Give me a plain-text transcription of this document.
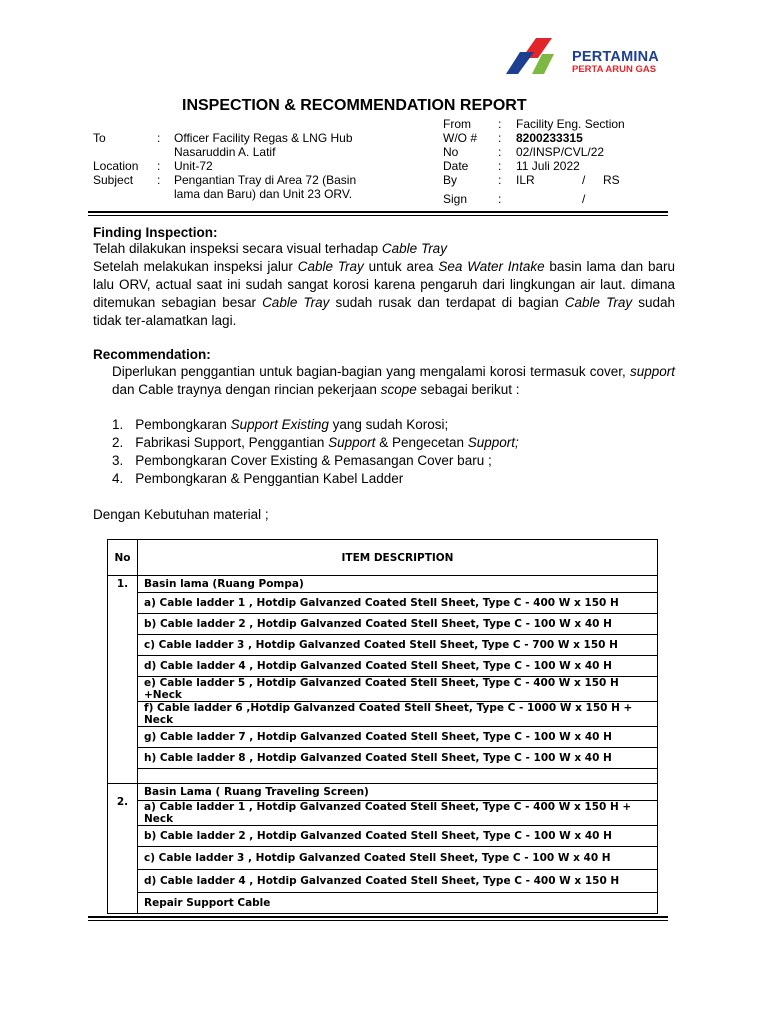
PERTAMINA
PERTA ARUN GAS
INSPECTION & RECOMMENDATION REPORT
To	: Officer Facility Regas & LNG Hub
Nasaruddin A. Latif
Location : Unit-72
Subject : Pengantian Tray di Area 72 (Basin
lama dan Baru) dan Unit 23 ORV.
From : Facility Eng. Section
W/O # : 8200233315
No	: 02/INSP/CVL/22
Date : 11 Juli 2022
By	: ILR	/ RS
Sign	:	/
Finding Inspection:
Telah dilakukan inspeksi secara visual terhadap Cable Tray
Setelah melakukan inspeksi jalur Cable Tray untuk area Sea Water Intake basin lama dan baru lalu ORV, actual saat ini sudah sangat korosi karena pengaruh dari lingkungan air laut. dimana ditemukan sebagian besar Cable Tray sudah rusak dan terdapat di bagian Cable Tray sudah tidak ter-alamatkan lagi.
Recommendation:
Diperlukan penggantian untuk bagian-bagian yang mengalami korosi termasuk cover, support dan Cable traynya dengan rincian pekerjaan scope sebagai berikut :
1. Pembongkaran Support Existing yang sudah Korosi;
2. Fabrikasi Support, Penggantian Support & Pengecetan Support;
3. Pembongkaran Cover Existing & Pemasangan Cover baru ;
4. Pembongkaran & Penggantian Kabel Ladder
Dengan Kebutuhan material ;
No	ITEM DESCRIPTION
1.	Basin lama (Ruang Pompa)
	a) Cable ladder 1 , Hotdip Galvanzed Coated Stell Sheet, Type C - 400 W x 150 H
	b) Cable ladder 2 , Hotdip Galvanzed Coated Stell Sheet, Type C - 100 W x 40 H
	c) Cable ladder 3 , Hotdip Galvanzed Coated Stell Sheet, Type C - 700 W x 150 H
	d) Cable ladder 4 , Hotdip Galvanzed Coated Stell Sheet, Type C - 100 W x 40 H
	e) Cable ladder 5 , Hotdip Galvanzed Coated Stell Sheet, Type C - 400 W x 150 H +Neck
	f) Cable ladder 6 ,Hotdip Galvanzed Coated Stell Sheet, Type C - 1000 W x 150 H + Neck
	g) Cable ladder 7 , Hotdip Galvanzed Coated Stell Sheet, Type C - 100 W x 40 H
	h) Cable ladder 8 , Hotdip Galvanzed Coated Stell Sheet, Type C - 100 W x 40 H

2.	Basin Lama ( Ruang Traveling Screen)
	a) Cable ladder 1 , Hotdip Galvanzed Coated Stell Sheet, Type C - 400 W x 150 H + Neck
	b) Cable ladder 2 , Hotdip Galvanzed Coated Stell Sheet, Type C - 100 W x 40 H
	c) Cable ladder 3 , Hotdip Galvanzed Coated Stell Sheet, Type C - 100 W x 40 H
	d) Cable ladder 4 , Hotdip Galvanzed Coated Stell Sheet, Type C - 400 W x 150 H
	Repair Support Cable
